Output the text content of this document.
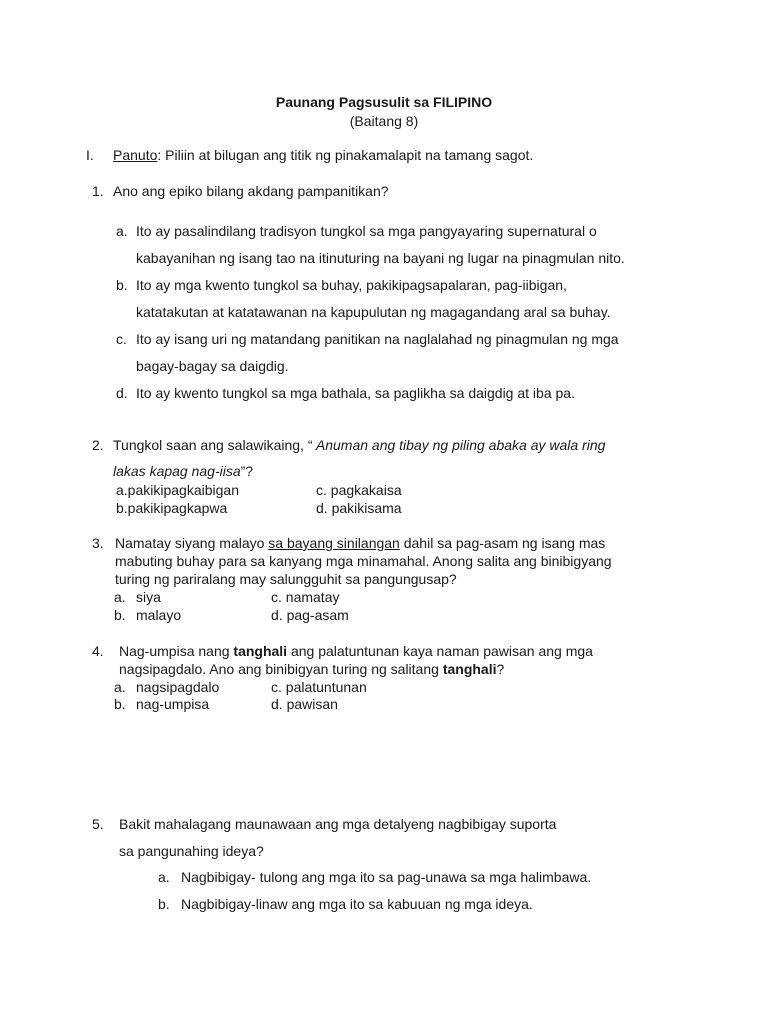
Paunang Pagsusulit sa FILIPINO
(Baitang 8)
I. Panuto: Piliin at bilugan ang titik ng pinakamalapit na tamang sagot.
1. Ano ang epiko bilang akdang pampanitikan?
a. Ito ay pasalindilang tradisyon tungkol sa mga pangyayaring supernatural o
kabayanihan ng isang tao na itinuturing na bayani ng lugar na pinagmulan nito.
b. Ito ay mga kwento tungkol sa buhay, pakikipagsapalaran, pag-iibigan,
katatakutan at katatawanan na kapupulutan ng magagandang aral sa buhay.
c. Ito ay isang uri ng matandang panitikan na naglalahad ng pinagmulan ng mga
bagay-bagay sa daigdig.
d. Ito ay kwento tungkol sa mga bathala, sa paglikha sa daigdig at iba pa.
2. Tungkol saan ang salawikaing, “ Anuman ang tibay ng piling abaka ay wala ring
lakas kapag nag-iisa”?
a.pakikipagkaibigan	c. pagkakaisa
b.pakikipagkapwa	d. pakikisama
3. Namatay siyang malayo sa bayang sinilangan dahil sa pag-asam ng isang mas
mabuting buhay para sa kanyang mga minamahal. Anong salita ang binibigyang
turing ng pariralang may salungguhit sa pangungusap?
a. siya	c. namatay
b. malayo	d. pag-asam
4. Nag-umpisa nang tanghali ang palatuntunan kaya naman pawisan ang mga
nagsipagdalo. Ano ang binibigyan turing ng salitang tanghali?
a. nagsipagdalo	c. palatuntunan
b. nag-umpisa	d. pawisan
5. Bakit mahalagang maunawaan ang mga detalyeng nagbibigay suporta
sa pangunahing ideya?
a. Nagbibigay- tulong ang mga ito sa pag-unawa sa mga halimbawa.
b. Nagbibigay-linaw ang mga ito sa kabuuan ng mga ideya.
